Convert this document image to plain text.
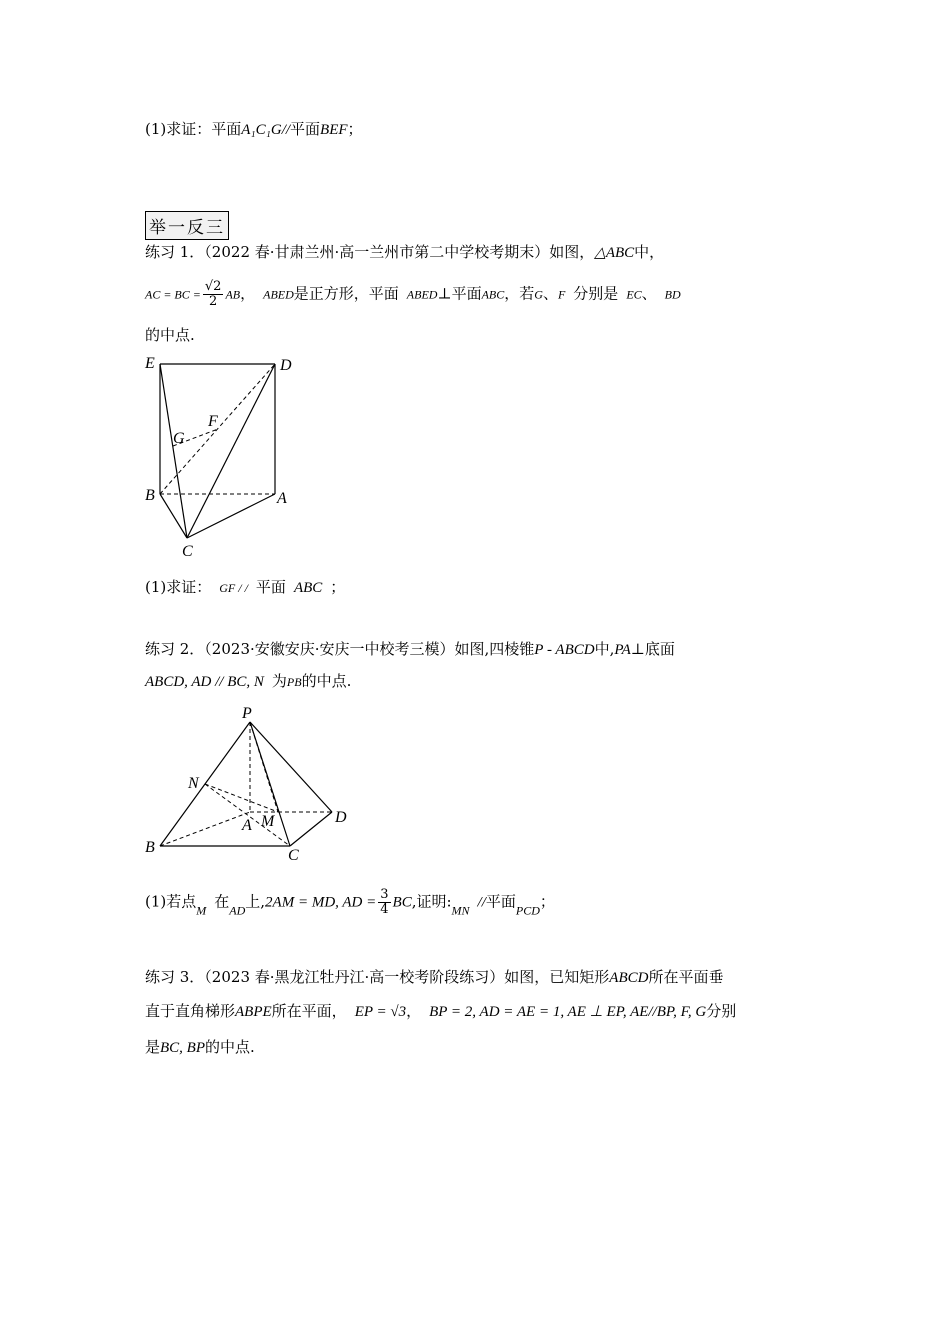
(1)求证：平面A₁C₁G//平面BEF；
举一反三
练习 1．（2022 春·甘肃兰州·高一兰州市第二中学校考期末）如图，△ABC中，
AC = BC = $\frac{√2}{2}$ AB， ABED是正方形，平面 ABED⊥平面ABC，若G、F 分别是 EC、 BD
的中点.
E	D
F
G
B	A
C
(1)求证： GF / / 平面 ABC ；
练习 2．（2023·安徽安庆·安庆一中校考三模）如图,四棱锥P - ABCD中,PA⊥底面
ABCD, AD // BC, N 为PB的中点.
P
N
D
A M
B	C
(1)若点$_M$ 在$_{AD}$上,2AM = MD, AD = $\frac{3}{4}$ BC,证明$:_{MN}$ //平面$_{PCD}$；
练习 3．（2023 春·黑龙江牡丹江·高一校考阶段练习）如图，已知矩形ABCD所在平面垂
直于直角梯形ABPE所在平面， EP = √3， BP = 2, AD = AE = 1, AE ⊥ EP, AE//BP, F, G分别
是BC, BP的中点.
